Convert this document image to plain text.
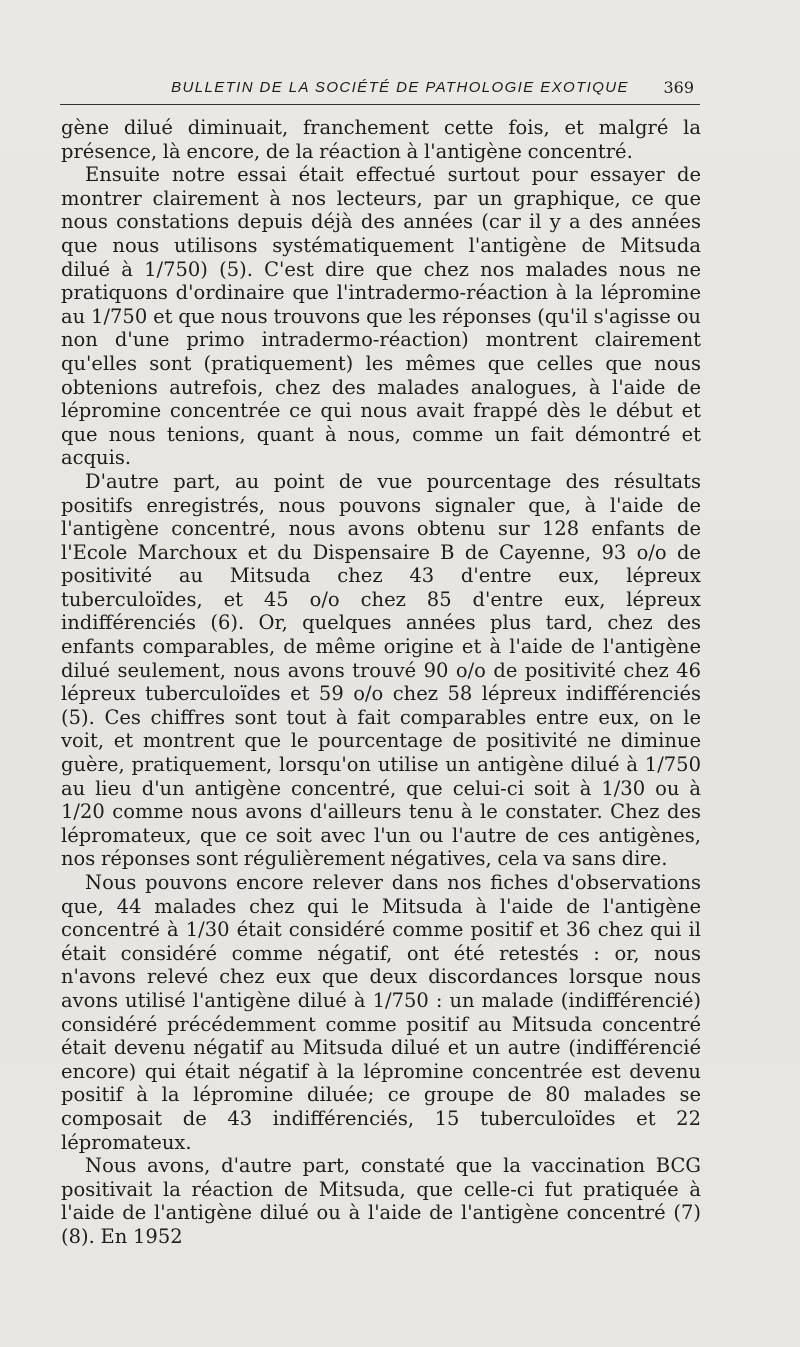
BULLETIN DE LA SOCIÉTÉ DE PATHOLOGIE EXOTIQUE	369

gène dilué diminuait, franchement cette fois, et malgré la présence, là encore, de la réaction à l'antigène concentré.

Ensuite notre essai était effectué surtout pour essayer de montrer clairement à nos lecteurs, par un graphique, ce que nous constations depuis déjà des années (car il y a des années que nous utilisons systématiquement l'antigène de Mitsuda dilué à 1/750) (5). C'est dire que chez nos malades nous ne pratiquons d'ordinaire que l'intradermo-réaction à la lépromine au 1/750 et que nous trouvons que les réponses (qu'il s'agisse ou non d'une primo intradermo-réaction) montrent clairement qu'elles sont (pratiquement) les mêmes que celles que nous obtenions autrefois, chez des malades analogues, à l'aide de lépromine concentrée ce qui nous avait frappé dès le début et que nous tenions, quant à nous, comme un fait démontré et acquis.

D'autre part, au point de vue pourcentage des résultats positifs enregistrés, nous pouvons signaler que, à l'aide de l'antigène concentré, nous avons obtenu sur 128 enfants de l'Ecole Marchoux et du Dispensaire B de Cayenne, 93 o/o de positivité au Mitsuda chez 43 d'entre eux, lépreux tuberculoïdes, et 45 o/o chez 85 d'entre eux, lépreux indifférenciés (6). Or, quelques années plus tard, chez des enfants comparables, de même origine et à l'aide de l'antigène dilué seulement, nous avons trouvé 90 o/o de positivité chez 46 lépreux tuberculoïdes et 59 o/o chez 58 lépreux indifférenciés (5). Ces chiffres sont tout à fait comparables entre eux, on le voit, et montrent que le pourcentage de positivité ne diminue guère, pratiquement, lorsqu'on utilise un antigène dilué à 1/750 au lieu d'un antigène concentré, que celui-ci soit à 1/30 ou à 1/20 comme nous avons d'ailleurs tenu à le constater. Chez des lépromateux, que ce soit avec l'un ou l'autre de ces antigènes, nos réponses sont régulièrement négatives, cela va sans dire.

Nous pouvons encore relever dans nos fiches d'observations que, 44 malades chez qui le Mitsuda à l'aide de l'antigène concentré à 1/30 était considéré comme positif et 36 chez qui il était considéré comme négatif, ont été retestés : or, nous n'avons relevé chez eux que deux discordances lorsque nous avons utilisé l'antigène dilué à 1/750 : un malade (indifférencié) considéré précédemment comme positif au Mitsuda concentré était devenu négatif au Mitsuda dilué et un autre (indifférencié encore) qui était négatif à la lépromine concentrée est devenu positif à la lépromine diluée; ce groupe de 80 malades se composait de 43 indifférenciés, 15 tuberculoïdes et 22 lépromateux.

Nous avons, d'autre part, constaté que la vaccination BCG positivait la réaction de Mitsuda, que celle-ci fut pratiquée à l'aide de l'antigène dilué ou à l'aide de l'antigène concentré (7) (8). En 1952
